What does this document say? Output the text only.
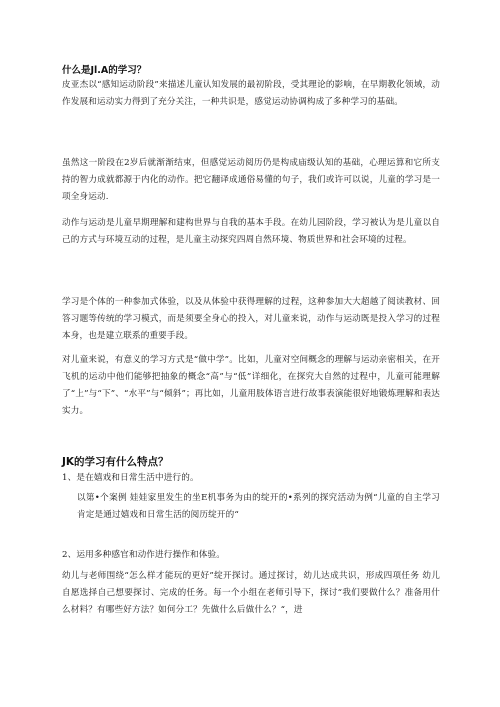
什么是Jl.A的学习？

皮亚杰以“感知运动阶段”来描述儿童认知发展的最初阶段，受其理论的影响，在早期教化领域，动作发展和运动实力得到了充分关注，一种共识是，感觉运动协调构成了多种学习的基础。

虽然这一阶段在2岁后就渐渐结束，但感觉运动阅历仍是构成庙级认知的基础，心理运算和它所支持的智力成就都源于内化的动作。把它翻译成通俗易懂的句子，我们或许可以说，儿童的学习是一项全身运动.

动作与运动是儿童早期理解和建构世界与自我的基本手段。在幼儿园阶段，学习被认为是儿童以自己的方式与环境互动的过程，是儿童主动探究四周自然环境、物质世界和社会环境的过程。

学习是个体的一种参加式体验，以及从体验中获得理解的过程，这种参加大大超越了阅读教材、回答习题等传统的学习模式，而是须要全身心的投入，对儿童来说，动作与运动既是投入学习的过程本身，也是建立联系的重要手段。

对儿童来说，有意义的学习方式是“做中学”。比如，儿童对空间概念的理解与运动亲密相关，在开飞机的运动中他们能够把抽象的概念“高”与“低”详细化，在探究大自然的过程中，儿童可能理解了“上”与“下”、“水平”与“倾斜”；再比如，儿童用肢体语言进行故事表演能很好地锻炼理解和表达实力。

JK的学习有什么特点？

1、是在嬉戏和日常生活中进行的。

以第•个案例 娃娃家里发生的坐E机事务为由的绽开的•系列的探究活动为例“儿童的自主学习肯定是通过嬉戏和日常生活的阅历绽开的“

2、运用多种感官和动作进行操作和体验。

幼儿与老师围绕“怎么样才能玩的更好”绽开探讨。通过探讨，幼儿达成共识，形成四项任务 幼儿自愿选择自己想要探讨、完成的任务。每一个小组在老师引导下，探讨“我们要做什么？准备用什么材料？有哪些好方法？如何分工？先做什么后做什么？“，进
